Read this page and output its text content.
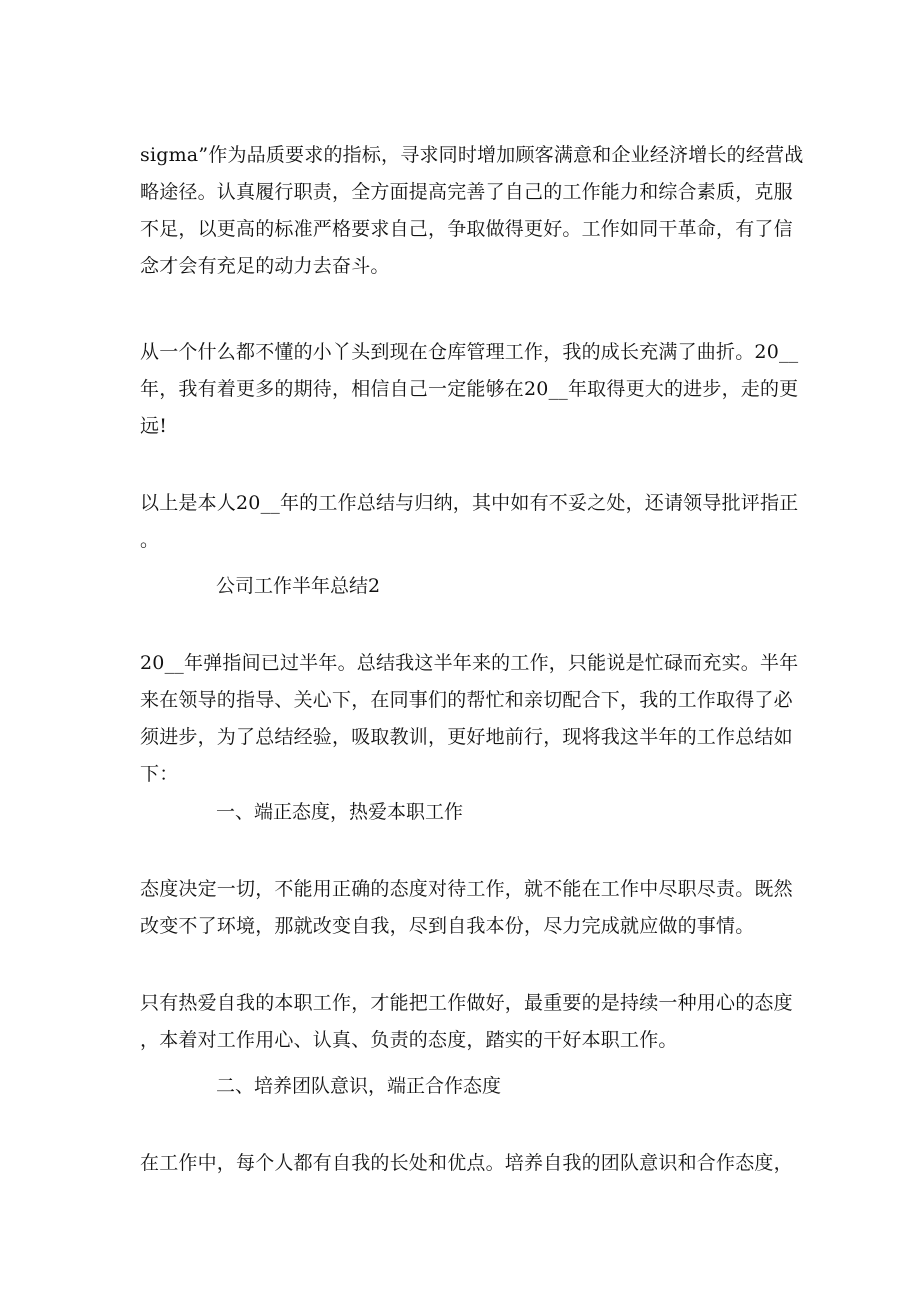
sigma”作为品质要求的指标，寻求同时增加顾客满意和企业经济增长的经营战
略途径。认真履行职责，全方面提高完善了自己的工作能力和综合素质，克服
不足，以更高的标准严格要求自己，争取做得更好。工作如同干革命，有了信
念才会有充足的动力去奋斗。
从一个什么都不懂的小丫头到现在仓库管理工作，我的成长充满了曲折。20__
年，我有着更多的期待，相信自己一定能够在20__年取得更大的进步，走的更
远!
以上是本人20__年的工作总结与归纳，其中如有不妥之处，还请领导批评指正
。
公司工作半年总结2
20__年弹指间已过半年。总结我这半年来的工作，只能说是忙碌而充实。半年
来在领导的指导、关心下，在同事们的帮忙和亲切配合下，我的工作取得了必
须进步，为了总结经验，吸取教训，更好地前行，现将我这半年的工作总结如
下：
一、端正态度，热爱本职工作
态度决定一切，不能用正确的态度对待工作，就不能在工作中尽职尽责。既然
改变不了环境，那就改变自我，尽到自我本份，尽力完成就应做的事情。
只有热爱自我的本职工作，才能把工作做好，最重要的是持续一种用心的态度
，本着对工作用心、认真、负责的态度，踏实的干好本职工作。
二、培养团队意识，端正合作态度
在工作中，每个人都有自我的长处和优点。培养自我的团队意识和合作态度，
